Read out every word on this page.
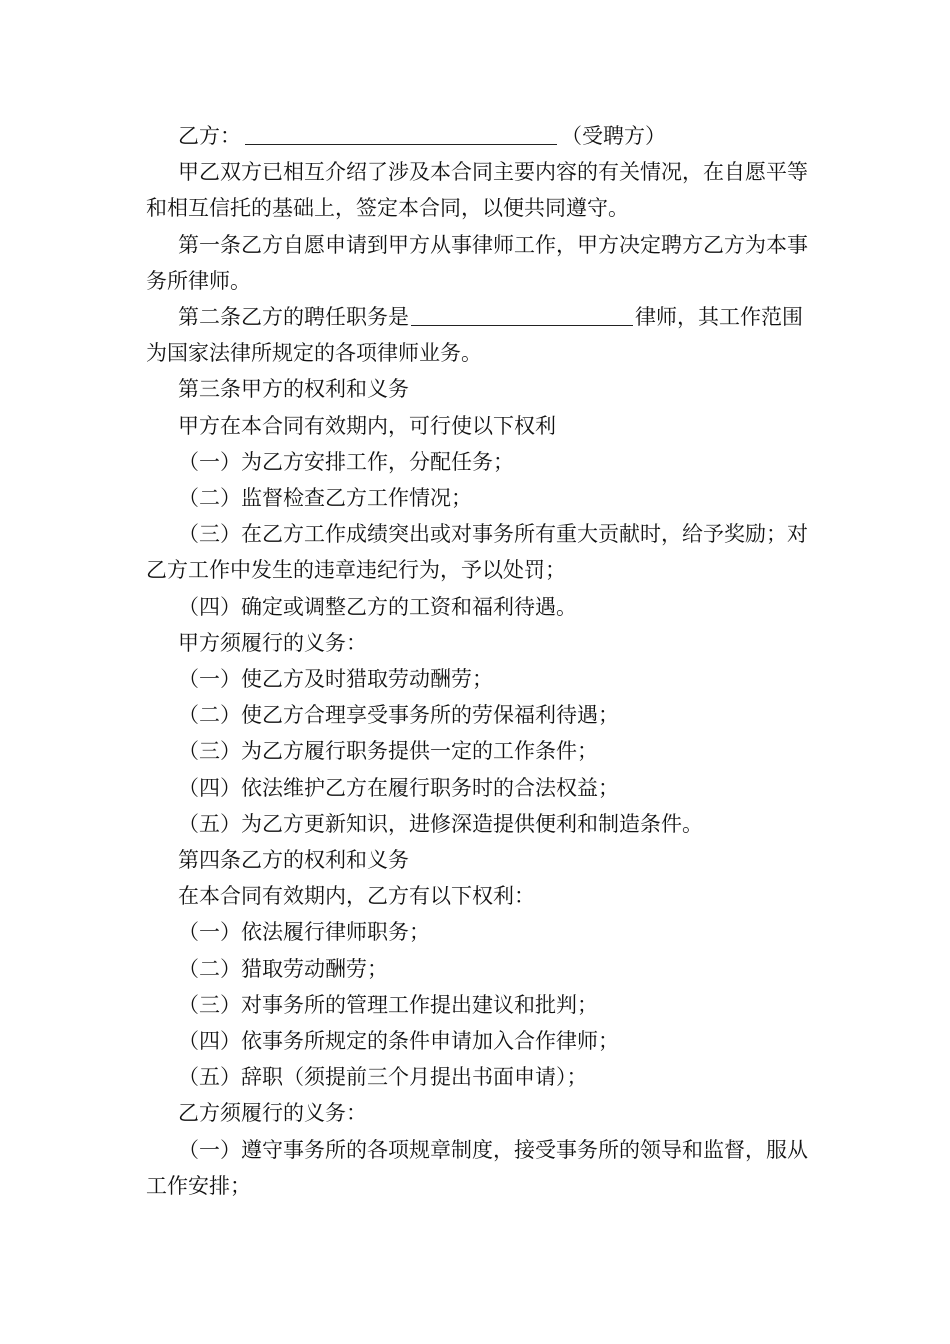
乙方：	（受聘方）

甲乙双方已相互介绍了涉及本合同主要内容的有关情况，在自愿平等和相互信托的基础上，签定本合同，以便共同遵守。

第一条乙方自愿申请到甲方从事律师工作，甲方决定聘方乙方为本事务所律师。

第二条乙方的聘任职务是	律师，其工作范围为国家法律所规定的各项律师业务。

第三条甲方的权利和义务

甲方在本合同有效期内，可行使以下权利

（一）为乙方安排工作，分配任务；

（二）监督检查乙方工作情况；

（三）在乙方工作成绩突出或对事务所有重大贡献时，给予奖励；对乙方工作中发生的违章违纪行为，予以处罚；

（四）确定或调整乙方的工资和福利待遇。

甲方须履行的义务：

（一）使乙方及时猎取劳动酬劳；

（二）使乙方合理享受事务所的劳保福利待遇；

（三）为乙方履行职务提供一定的工作条件；

（四）依法维护乙方在履行职务时的合法权益；

（五）为乙方更新知识，进修深造提供便利和制造条件。

第四条乙方的权利和义务

在本合同有效期内，乙方有以下权利：

（一）依法履行律师职务；

（二）猎取劳动酬劳；

（三）对事务所的管理工作提出建议和批判；

（四）依事务所规定的条件申请加入合作律师；

（五）辞职（须提前三个月提出书面申请）；

乙方须履行的义务：

（一）遵守事务所的各项规章制度，接受事务所的领导和监督，服从工作安排；
